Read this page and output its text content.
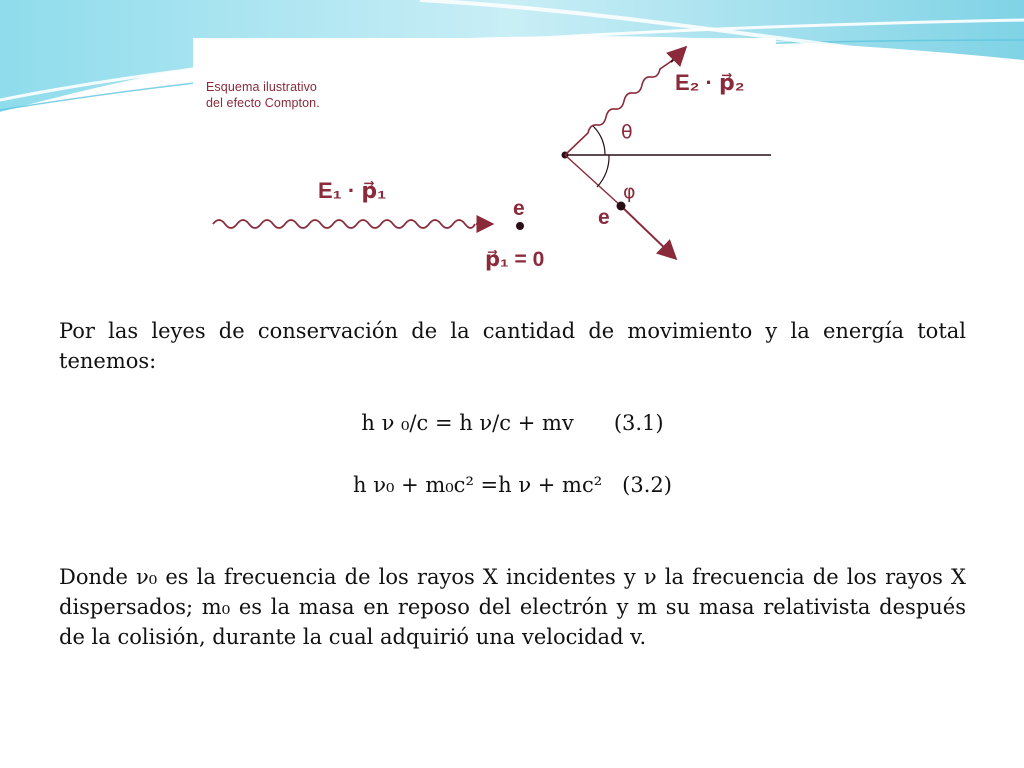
Esquema ilustrativo
del efecto Compton.
E₁ · p⃗₁
E₂ · p⃗₂
e	e
p⃗₁ = 0
θ
φ

Por las leyes de conservación de la cantidad de movimiento y la energía total tenemos:

h ν ₀/c = h ν/c + mv (3.1)
h ν₀ + m₀c² =h ν + mc² (3.2)

Donde ν₀ es la frecuencia de los rayos X incidentes y ν la frecuencia de los rayos X dispersados; m₀ es la masa en reposo del electrón y m su masa relativista después de la colisión, durante la cual adquirió una velocidad v.
